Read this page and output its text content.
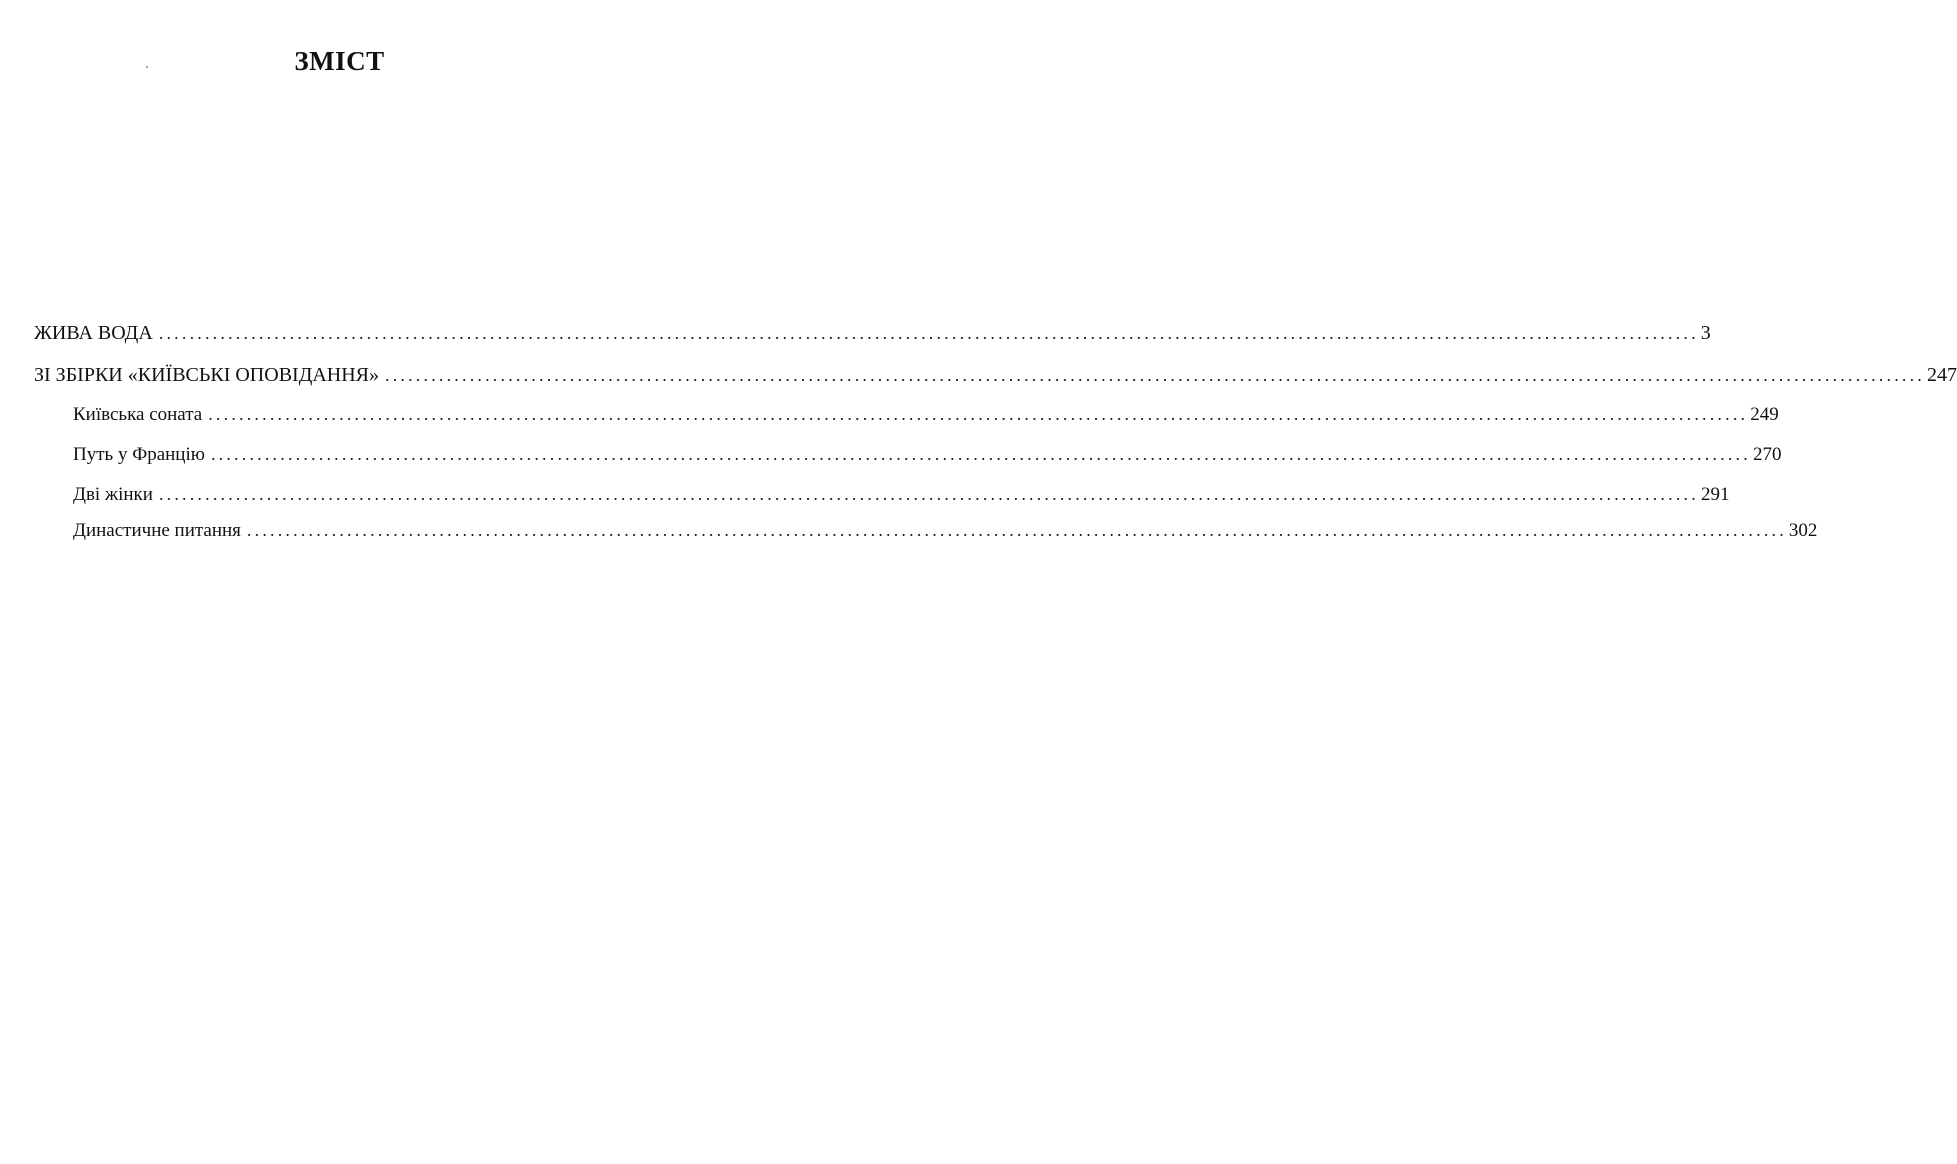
ЗМІСТ
ЖИВА ВОДА ........................................................................................................................................................................................................ 3
ЗІ ЗБІРКИ «КИЇВСЬКІ ОПОВІДАННЯ» ........................................................................................................................................................................................................ 247
Київська соната ........................................................................................................................................................................................................ 249
Путь у Францію ........................................................................................................................................................................................................ 270
Дві жінки ........................................................................................................................................................................................................ 291
Династичне питання ........................................................................................................................................................................................................ 302
